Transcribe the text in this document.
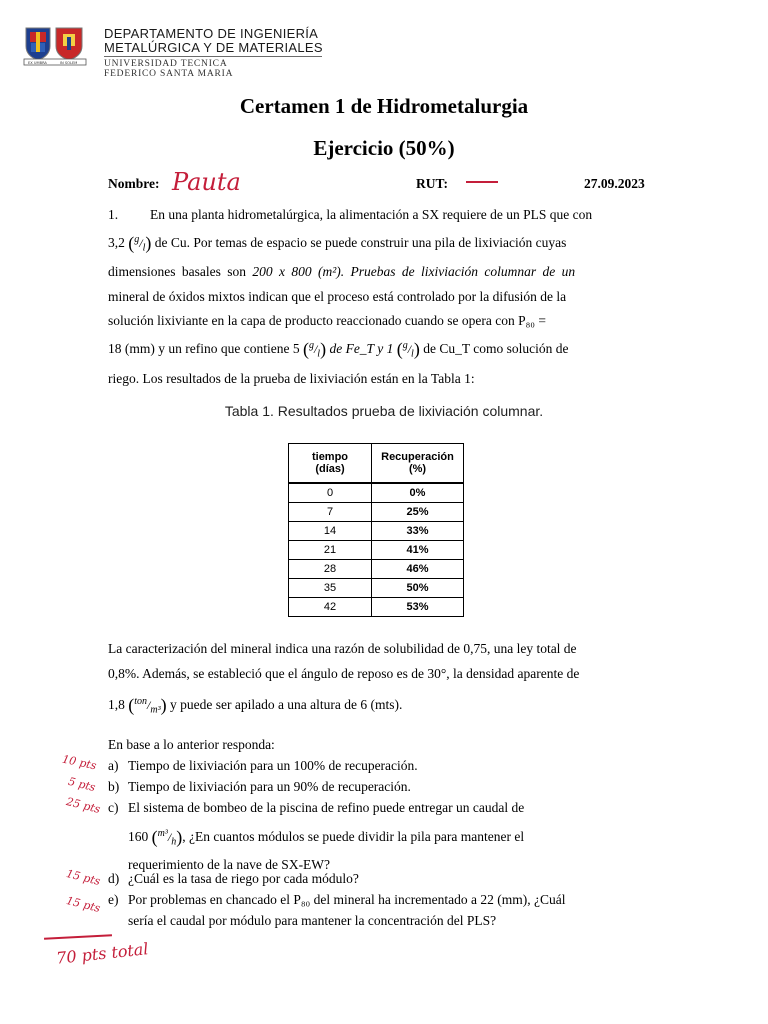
EX UMBRA	IN SOLEM
DEPARTAMENTO DE INGENIERÍA
METALÚRGICA Y DE MATERIALES
UNIVERSIDAD TECNICA
FEDERICO SANTA MARIA
Certamen 1 de Hidrometalurgia
Ejercicio (50%)
Nombre: Pauta	RUT:	27.09.2023

1. En una planta hidrometalúrgica, la alimentación a SX requiere de un PLS que con

3,2 $(^g/_l)$ de Cu. Por temas de espacio se puede construir una pila de lixiviación cuyas

dimensiones basales son 200 x 800 (m²). Pruebas de lixiviación columnar de un

mineral de óxidos mixtos indican que el proceso está controlado por la difusión de la

solución lixiviante en la capa de producto reaccionado cuando se opera con P₈₀ =

18 (mm) y un refino que contiene 5 $(^g/_l)$ de Fe_T y 1 $(^g/_l)$ de Cu_T como solución de

riego. Los resultados de la prueba de lixiviación están en la Tabla 1:

Tabla 1. Resultados prueba de lixiviación columnar.
tiempo
(días)	Recuperación
(%)
0	0%
7	25%
14	33%
21	41%
28	46%
35	50%
42	53%

La caracterización del mineral indica una razón de solubilidad de 0,75, una ley total de

0,8%. Además, se estableció que el ángulo de reposo es de 30°, la densidad aparente de

1,8 $(^{ton}/_{m^3})$ y puede ser apilado a una altura de 6 (mts).

En base a lo anterior responda:
a) Tiempo de lixiviación para un 100% de recuperación.
b) Tiempo de lixiviación para un 90% de recuperación.
c) El sistema de bombeo de la piscina de refino puede entregar un caudal de
160 $(^{m^3}/_h)$, ¿En cuantos módulos se puede dividir la pila para mantener el
requerimiento de la nave de SX-EW?
d) ¿Cuál es la tasa de riego por cada módulo?
e) Por problemas en chancado el P₈₀ del mineral ha incrementado a 22 (mm), ¿Cuál
sería el caudal por módulo para mantener la concentración del PLS?
10 pts
5 pts
25 pts
15 pts
15 pts
70 pts total
